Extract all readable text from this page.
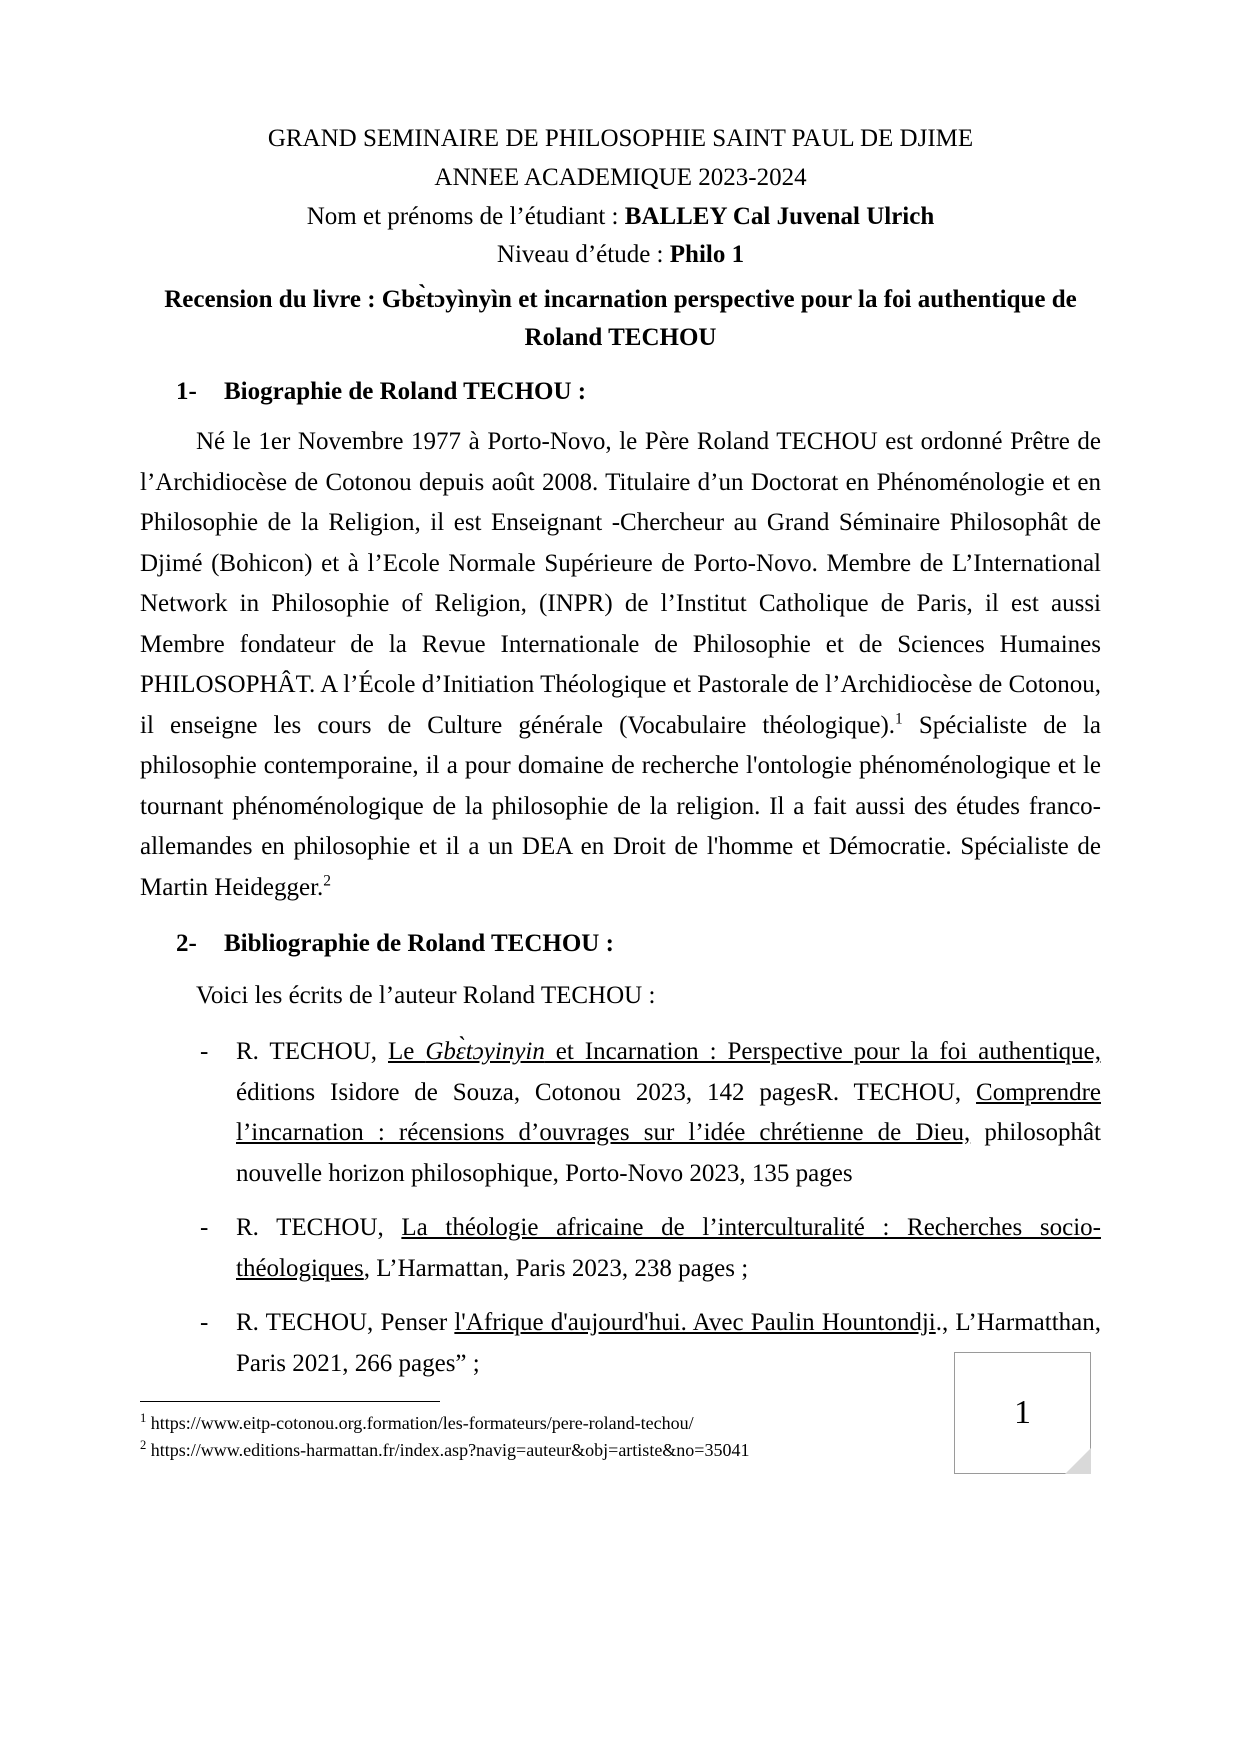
GRAND SEMINAIRE DE PHILOSOPHIE SAINT PAUL DE DJIME
ANNEE ACADEMIQUE 2023-2024
Nom et prénoms de l’étudiant : BALLEY Cal Juvenal Ulrich
Niveau d’étude : Philo 1
Recension du livre : Gbɛ̀tɔyìnyìn et incarnation perspective pour la foi authentique de Roland TECHOU
1-	Biographie de Roland TECHOU :

Né le 1er Novembre 1977 à Porto-Novo, le Père Roland TECHOU est ordonné Prêtre de l’Archidiocèse de Cotonou depuis août 2008. Titulaire d’un Doctorat en Phénoménologie et en Philosophie de la Religion, il est Enseignant -Chercheur au Grand Séminaire Philosophât de Djimé (Bohicon) et à l’Ecole Normale Supérieure de Porto-Novo. Membre de L’International Network in Philosophie of Religion, (INPR) de l’Institut Catholique de Paris, il est aussi Membre fondateur de la Revue Internationale de Philosophie et de Sciences Humaines PHILOSOPHÂT. A l’École d’Initiation Théologique et Pastorale de l’Archidiocèse de Cotonou, il enseigne les cours de Culture générale (Vocabulaire théologique).$^1$ Spécialiste de la philosophie contemporaine, il a pour domaine de recherche l'ontologie phénoménologique et le tournant phénoménologique de la philosophie de la religion. Il a fait aussi des études franco-allemandes en philosophie et il a un DEA en Droit de l'homme et Démocratie. Spécialiste de Martin Heidegger.$^2$

2-	Bibliographie de Roland TECHOU :

Voici les écrits de l’auteur Roland TECHOU :

-	R. TECHOU, Le Gbɛ̀tɔyinyin et Incarnation : Perspective pour la foi authentique, éditions Isidore de Souza, Cotonou 2023, 142 pagesR. TECHOU, Comprendre l’incarnation : récensions d’ouvrages sur l’idée chrétienne de Dieu, philosophât nouvelle horizon philosophique, Porto-Novo 2023, 135 pages
-	R. TECHOU, La théologie africaine de l’interculturalité : Recherches socio-théologiques, L’Harmattan, Paris 2023, 238 pages ;
-	R. TECHOU, Penser l'Afrique d'aujourd'hui. Avec Paulin Hountondji., L’Harmatthan, Paris 2021, 266 pages” ;
$^1$ https://www.eitp-cotonou.org.formation/les-formateurs/pere-roland-techou/
$^2$ https://www.editions-harmattan.fr/index.asp?navig=auteur&obj=artiste&no=35041
1
